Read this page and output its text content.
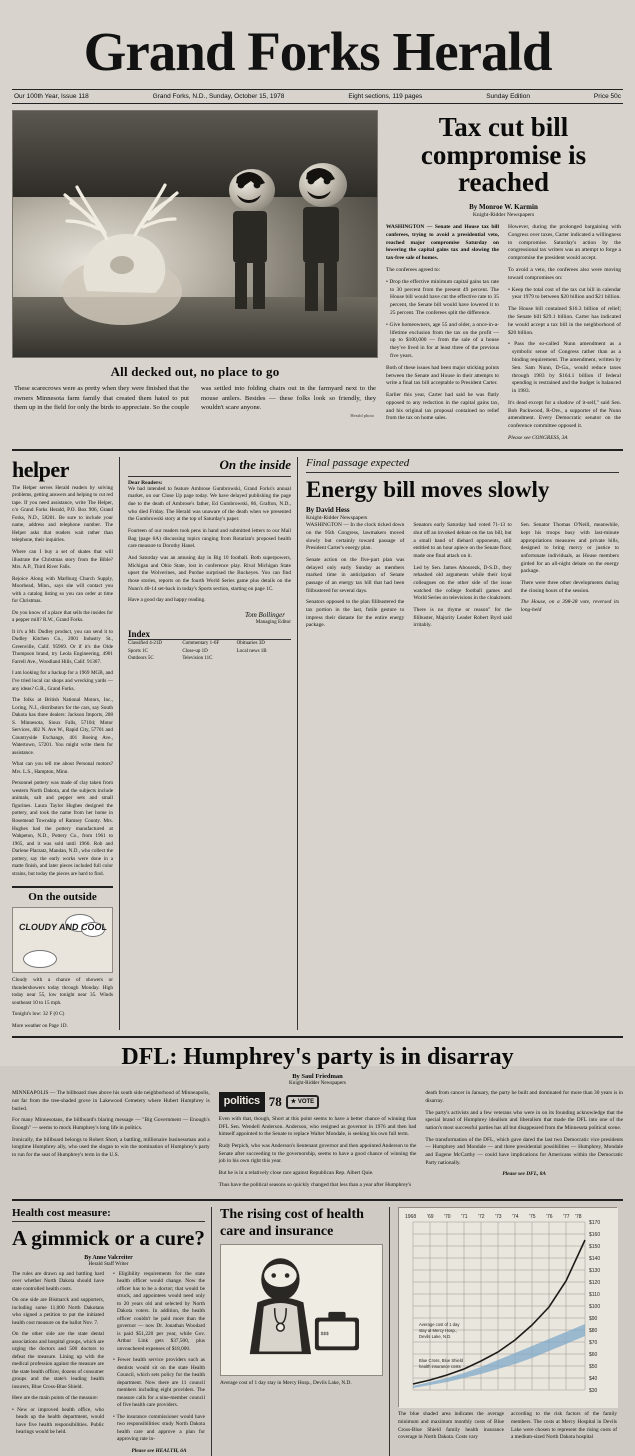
Grand Forks Herald
Our 100th Year, Issue 118	Grand Forks, N.D., Sunday, October 15, 1978	Eight sections, 119 pages	Sunday Edition	Price 50c
All decked out, no place to go
These scarecrows were as pretty when they were finished that the owners Minnesota farm family that created them hated to put them up in the field for only the birds to appreciate. So the couple was settled into folding chairs out in the farmyard next to the mouse antlers. Besides — these folks look so friendly, they wouldn't scare anyone.
Herald photo
Tax cut bill compromise is reached
By Monroe W. Karmin
Knight-Ridder Newspapers

WASHINGTON — Senate and House tax bill conferees, trying to avoid a presidential veto, reached major compromise Saturday on lowering the capital gains tax and slowing the tax-free sale of homes.

The conferees agreed to:

• Drop the effective minimum capital gains tax rate to 30 percent from the present 49 percent. The House bill would have cut the effective rate to 35 percent, the Senate bill would have lowered it to 25 percent. The conferees split the difference.

• Give homeowners, age 55 and older, a once-in-a-lifetime exclusion from the tax on the profit — up to $100,000 — from the sale of a house they've lived in for at least three of the previous five years.

Both of these issues had been major sticking points between the Senate and House in their attempts to write a final tax bill acceptable to President Carter.

Earlier this year, Carter had said he was flatly opposed to any reduction in the capital gains tax, and his original tax proposal contained no relief from the tax on home sales.

However, during the prolonged bargaining with Congress over taxes, Carter indicated a willingness to compromise. Saturday's action by the congressional tax writers was an attempt to forge a compromise the president would accept.

To avoid a veto, the conferees also were moving toward compromises on:

• Keep the total cost of the tax cut bill in calendar year 1979 to between $20 billion and $21 billion.

The House bill contained $16.3 billion of relief; the Senate bill $29.1 billion. Carter has indicated he would accept a tax bill in the neighborhood of $20 billion.

• Pass the so-called Nunn amendment as a symbolic sense of Congress rather than as a binding requirement. The amendment, written by Sen. Sam Nunn, D-Ga., would reduce taxes through 1983 by $164.1 billion if federal spending is restrained and the budget is balanced in 1983.

It's dead except for a shadow of it-self," said Sen. Bob Packwood, R-Ore., a supporter of the Nunn amendment. Every Democratic senator on the conference committee opposed it.

Please see CONGRESS, 3A

helper

The Helper serves Herald readers by solving problems, getting answers and helping to cut red tape. If you need assistance, write The Helper, c/o Grand Forks Herald, P.O. Box 906, Grand Forks, N.D., 58201. Be sure to include your name, address and telephone number. The Helper asks that readers wait rather than telephone, their inquiries.

Where can I buy a set of skates that will illustrate the Christmas story from the Bible? Mrs. A.P., Third River Falls.

Rejoice Along with Marlburg Church Supply, Moorhead, Minn., says she will contact you with a catalog listing so you can order at time for Christmas.

Do you know of a place that sells the insides for a pepper mill? R.W., Grand Forks.

It it's a Mr. Dudley product, you can send it to Dudley Kitchen Co., 2001 Industry St., Greenville, Calif. 95969. Or if it's the Olde Thompson brand, try Leola Engineering, 4901 Farrell Ave., Woodland Hills, Calif. 91367.

I am looking for a backup for a 1969 MGB, and I've tried local car shops and wrecking yards — any ideas? G.R., Grand Forks.

The folks at British National Motors, Inc., Loring, N.J., distributors for the cars, say South Dakota has three dealers: Jackson Imports, 208 S. Minnesota, Sioux Falls, 57104; Motor Services, 402 N. Ave W., Rapid City, 57701 and Countryside Exchange, 401 Boeing Ave., Watertown, 57201. You might write them for assistance.

What can you tell me about Personal motors? Mrs. L.S., Hampton, Minn.

Personnel pottery was made of clay taken from western North Dakota, and the subjects include animals, salt and pepper sets and small figurines. Laura Taylor Hughes designed the pottery, and took the name from her home in Rosemead Township of Ramsey County. Mrs. Hughes had the pottery manufactured at Wahpeton, N.D., Pottery Co., from 1961 to 1965, and it was sold until 1966. Rob and Darlene Plarzatz, Mandan, N.D., who collect the pottery, say the early works were done in a matte finish, and later pieces included full color strains, but today the pieces are hard to find.

On the outside
CLOUDY AND COOL
Cloudy with a chance of showers or thundershowers today through Monday. High today near 55, low tonight near 35. Winds southeast 10 to 15 mph.
Tonight's low: 32 F (0 C)
More weather on Page 1D.
On the inside
Dear Readers:

We had intended to feature Ambrose Gumbrowski, Grand Forks's annual market, on our Close Up page today. We have delayed publishing the page due to the death of Ambrose's father, Ed Gumbrowski, 86, Grafton, N.D., who died Friday. The Herald was unaware of the death when we presented the Gumbrowski story at the top of Saturday's paper.

Fourteen of our readers took pens in hand and submitted letters to our Mail Bag (page 6A) discussing topics ranging from Rotarian's proposed health care measure to Dorothy Hanel.

And Saturday was an amusing day in Big 10 football. Both superpowers, Michigan and Ohio State, lost in conference play. Rival Michigan State upset the Wolverines, and Purdue surprised the Buckeyes. You can find those stories, reports on the fourth World Series game plus details on the Nunn's 40-14 set-back in today's Sports section, starting on page 1C.

Have a good day and happy reading.

Tom Bollinger
Managing Editor
Index
Classified 4-21D	Commentary 1-6F	Obituaries 3D
Sports 1C	Close-up 1D	Local news 1B
Outdoors 5C	Television 11C
Final passage expected
Energy bill moves slowly
By David Hess
Knight-Ridder Newspapers

WASHINGTON — In the clock ticked down on the 95th Congress, lawmakers moved slowly but certainly toward passage of President Carter's energy plan.

Senate action on the five-part plan was delayed only early Sunday as members marked time in anticipation of Senate passage of an energy tax bill that had been filibustered for several days.

Senators opposed to the plan filibustered the tax portion in the last, futile gesture to impress their distaste for the entire energy package.

Senators early Saturday had voted 71-13 to shut off an invoked debate on the tax bill, but a small band of diehard opponents, still entitled to an hour apiece on the Senate floor, made one final attack on it.

Led by Sen. James Abourezk, D-S.D., they rehashed old arguments while their loyal colleagues on the other side of the issue watched the college football games and World Series on televisions in the cloakroom.

There is no rhyme or reason" for the filibuster, Majority Leader Robert Byrd said irritably.

Sen. Senator Thomas O'Neill, meanwhile, kept his troops busy with last-minute appropriations measures and private bills, designed to bring mercy or justice to unfortunate individuals, as House members girded for an all-night debate on the energy package.

There were three other developments during the closing hours of the session.

The House, on a 398-28 vote, reversed its long-held

DFL: Humphrey's party is in disarray
By Saul Friedman
Knight-Ridder Newspapers

MINNEAPOLIS — The billboard rises above his south side neighborhood of Minneapolis, not far from the tree-shaded grove in Lakewood Cemetery where Hubert Humphrey is buried.

For many Minnesotans, the billboard's blaring message — "Big Government — Enough's Enough" — seems to mock Humphrey's long life in politics.

Ironically, the billboard belongs to Robert Short, a battling, millionaire businessman and a longtime Humphrey ally, who used the slogan to win the nomination of Humphrey's party to run for the seat of Humphrey's term in the U.S.

politics 78	★ VOTE

Even with that, though, Short at this point seems to have a better chance of winning than DFL Sen. Wendell Anderson. Anderson, who resigned as governor in 1976 and then had himself appointed to the Senate to replace Walter Mondale, is seeking his own full term.

Rudy Perpich, who was Anderson's lieutenant governor and then appointed Anderson to the Senate after succeeding to the governorship, seems to have a good chance of winning the job in his own right this year.

But he is in a relatively close race against Republican Rep. Albert Quie.

Thus have the political seasons so quickly changed that less than a year after Humphrey's

death from cancer in January, the party he built and dominated for more than 30 years is in disarray.

The party's activists and a few veterans who were in on its founding acknowledge that the special brand of Humphrey idealism and liberalism that made the DFL into one of the nation's most successful parties has all but disappeared from the Minnesota political scene.

The transformation of the DFL, which gave dared the last two Democratic vice presidents — Humphrey and Mondale — and three presidential possibilities — Humphrey, Mondale and Eugene McCarthy — could have implications for Americans within the Democratic Party nationally.

Please see DFL, 8A

Health cost measure:
A gimmick or a cure?
By Anne Valcreiter
Herald Staff Writer

The rules are drawn up and battling hard over whether North Dakota should have state controlled health costs.

On one side are Bismarck and supporters, including some 11,000 North Dakotans who signed a petition to put the initiated health cost measure on the ballot Nov. 7.

On the other side are the state dental associations and hospital groups, which are urging the doctors and 500 doctors to defeat the measure. Lining up with the medical profession against the measure are the state health officer, dozens of consumer groups and the state's leading health insurers, Blue Cross-Blue Shield.

Here are the main points of the measure:

• New or improved health office, who heads up the health department, would have five health responsibilities. Public hearings would be held.

• Eligibility requirements for the state health officer would change. Now the officer has to be a doctor; that would be struck, and appointees would need only to 20 years old and selected by North Dakota voters. In addition, the health officer couldn't be paid more than the governor — now Dr. Jonathan Woodard is paid $51,220 per year, while Gov. Arthur Link gets $37,500, plus unvouchered expenses of $18,000.

• Fewer health service providers such as dentists would sit on the state Health Council, which sets policy for the health department. Now there are 11 council members including eight providers. The measure calls for a nine-member council of five health care providers.

• The insurance commissioner would have two responsibilities: study North Dakota health care and approve a plan for approving rate in-

Please see HEALTH, 6A

The rising cost of health care and insurance
$$$
Average cost of 1 day stay in Mercy Hosp., Devils Lake, N.D.
$170
$160
$150
$140
$130
$120
$110
$100
$90
$80
$70
$60
$50
$40
$30
1968 '69 '70 '71 '72 '73 '74 '75 '76 '77 '78
Average cost of 1 day
stay at Mercy Hosp.,
Devils Lake, N.D.
Blue Cross, Blue Shield
health insurance costs
The blue shaded area indicates the average minimum and maximum monthly costs of Blue Cross-Blue Shield family health insurance coverage in North Dakota. Costs vary
according to the risk factors of the family members. The costs at Mercy Hospital in Devils Lake were chosen to represent the rising costs of a medium-sized North Dakota hospital
